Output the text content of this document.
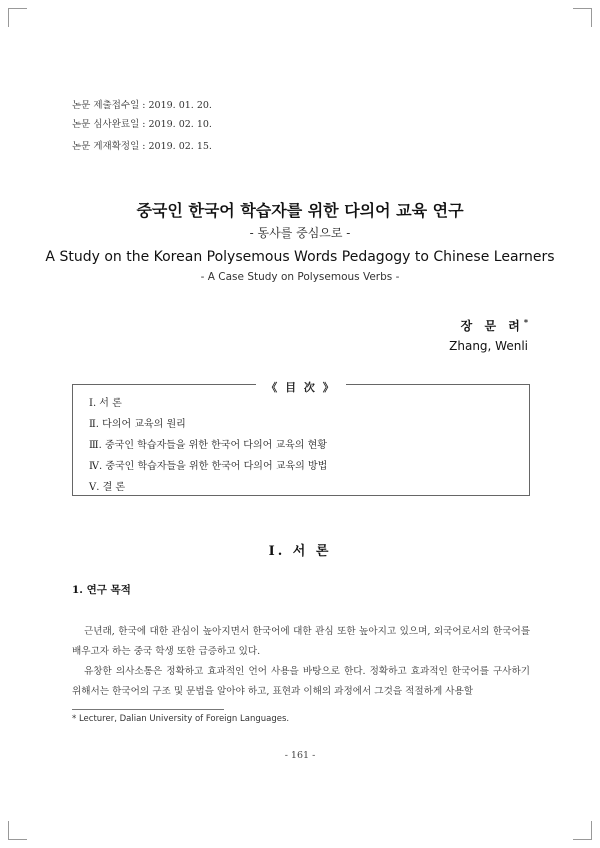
논문 제출접수일 : 2019. 01. 20.
논문 심사완료일 : 2019. 02. 10.
논문 게재확정일 : 2019. 02. 15.
중국인 한국어 학습자를 위한 다의어 교육 연구
- 동사를 중심으로 -
A Study on the Korean Polysemous Words Pedagogy to Chinese Learners
- A Case Study on Polysemous Verbs -
장 문 려*
Zhang, Wenli
《 目 次 》
Ⅰ. 서 론
Ⅱ. 다의어 교육의 원리
Ⅲ. 중국인 학습자들을 위한 한국어 다의어 교육의 현황
Ⅳ. 중국인 학습자들을 위한 한국어 다의어 교육의 방법
Ⅴ. 결 론
Ⅰ. 서 론
1. 연구 목적

근년래, 한국에 대한 관심이 높아지면서 한국어에 대한 관심 또한 높아지고 있으며, 외국어로서의 한국어를 배우고자 하는 중국 학생 또한 급증하고 있다.

유창한 의사소통은 정확하고 효과적인 언어 사용을 바탕으로 한다. 정확하고 효과적인 한국어를 구사하기 위해서는 한국어의 구조 및 문법을 알아야 하고, 표현과 이해의 과정에서 그것을 적절하게 사용할

* Lecturer, Dalian University of Foreign Languages.
- 161 -
